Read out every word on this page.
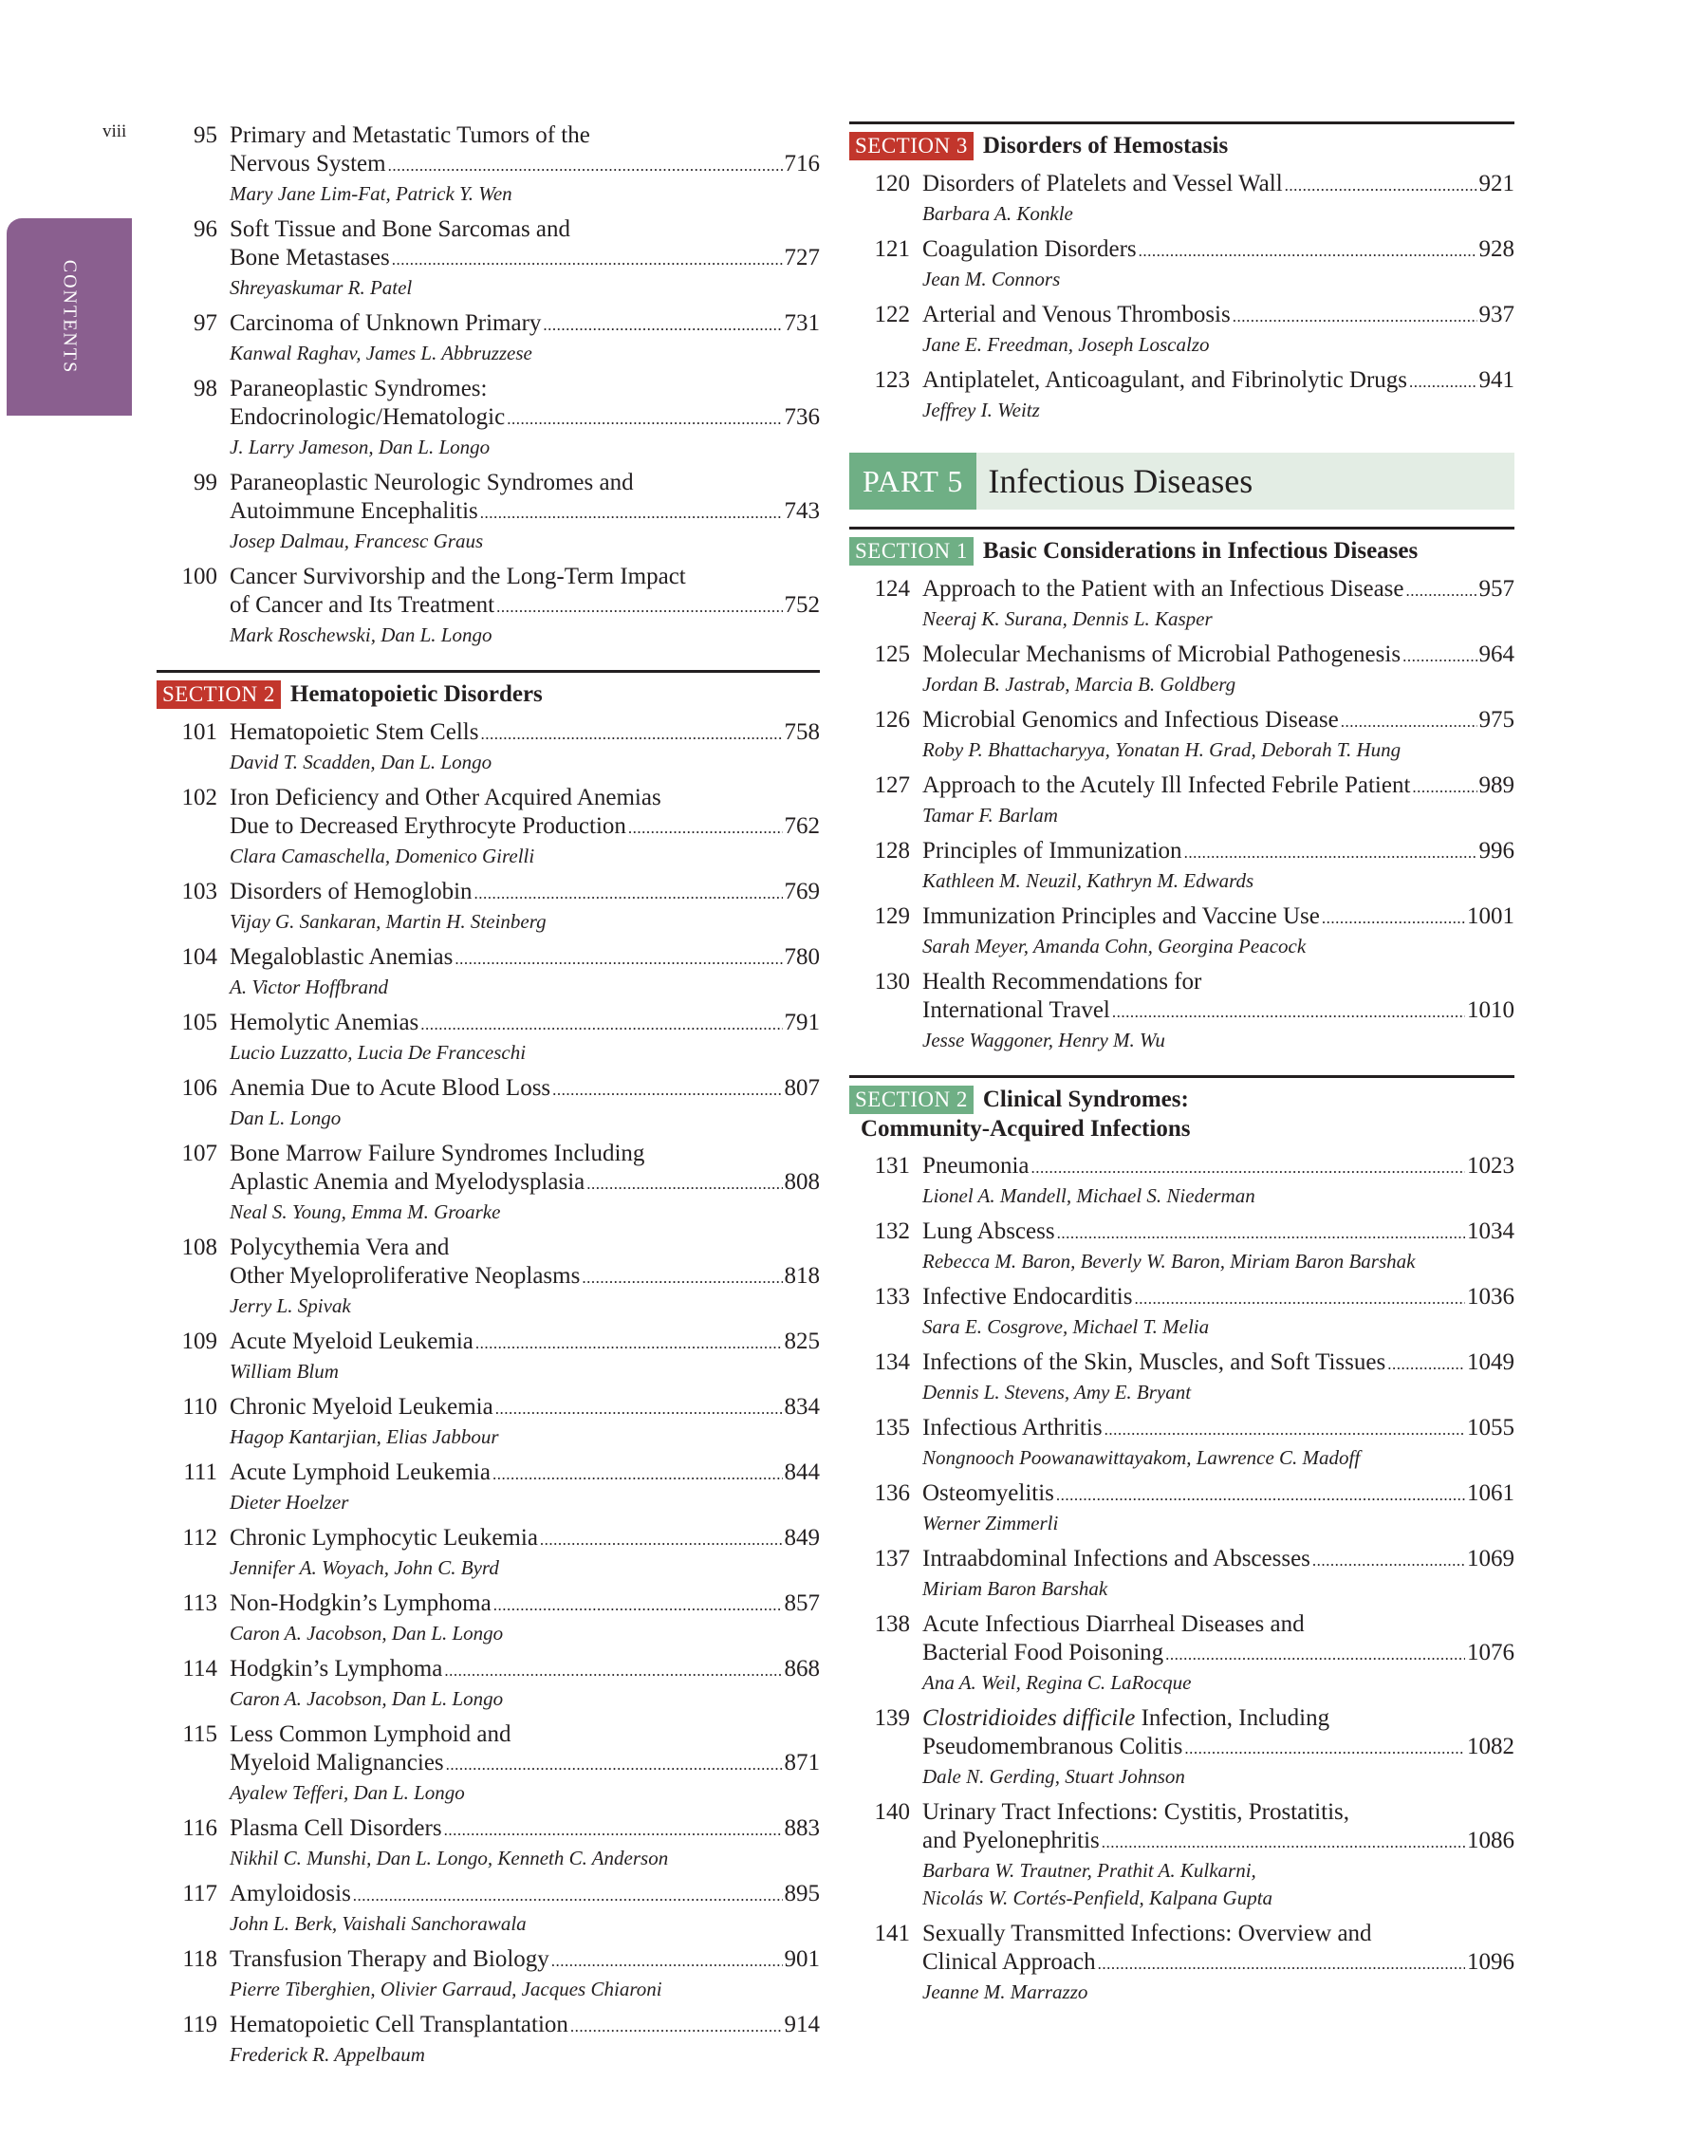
viii
CONTENTS
95 Primary and Metastatic Tumors of the
Nervous System .....	716
Mary Jane Lim-Fat, Patrick Y. Wen
96 Soft Tissue and Bone Sarcomas and
Bone Metastases .....	727
Shreyaskumar R. Patel
97 Carcinoma of Unknown Primary .....	731
Kanwal Raghav, James L. Abbruzzese
98 Paraneoplastic Syndromes:
Endocrinologic/Hematologic .....	736
J. Larry Jameson, Dan L. Longo
99 Paraneoplastic Neurologic Syndromes and
Autoimmune Encephalitis .....	743
Josep Dalmau, Francesc Graus
100 Cancer Survivorship and the Long-Term Impact
of Cancer and Its Treatment .....	752
Mark Roschewski, Dan L. Longo
SECTION 2 Hematopoietic Disorders
101 Hematopoietic Stem Cells .....	758
David T. Scadden, Dan L. Longo
102 Iron Deficiency and Other Acquired Anemias
Due to Decreased Erythrocyte Production .....	762
Clara Camaschella, Domenico Girelli
103 Disorders of Hemoglobin .....	769
Vijay G. Sankaran, Martin H. Steinberg
104 Megaloblastic Anemias .....	780
A. Victor Hoffbrand
105 Hemolytic Anemias .....	791
Lucio Luzzatto, Lucia De Franceschi
106 Anemia Due to Acute Blood Loss .....	807
Dan L. Longo
107 Bone Marrow Failure Syndromes Including
Aplastic Anemia and Myelodysplasia .....	808
Neal S. Young, Emma M. Groarke
108 Polycythemia Vera and
Other Myeloproliferative Neoplasms .....	818
Jerry L. Spivak
109 Acute Myeloid Leukemia .....	825
William Blum
110 Chronic Myeloid Leukemia .....	834
Hagop Kantarjian, Elias Jabbour
111 Acute Lymphoid Leukemia .....	844
Dieter Hoelzer
112 Chronic Lymphocytic Leukemia .....	849
Jennifer A. Woyach, John C. Byrd
113 Non-Hodgkin’s Lymphoma .....	857
Caron A. Jacobson, Dan L. Longo
114 Hodgkin’s Lymphoma .....	868
Caron A. Jacobson, Dan L. Longo
115 Less Common Lymphoid and
Myeloid Malignancies .....	871
Ayalew Tefferi, Dan L. Longo
116 Plasma Cell Disorders .....	883
Nikhil C. Munshi, Dan L. Longo, Kenneth C. Anderson
117 Amyloidosis .....	895
John L. Berk, Vaishali Sanchorawala
118 Transfusion Therapy and Biology .....	901
Pierre Tiberghien, Olivier Garraud, Jacques Chiaroni
119 Hematopoietic Cell Transplantation .....	914
Frederick R. Appelbaum
SECTION 3 Disorders of Hemostasis
120 Disorders of Platelets and Vessel Wall .....	921
Barbara A. Konkle
121 Coagulation Disorders .....	928
Jean M. Connors
122 Arterial and Venous Thrombosis .....	937
Jane E. Freedman, Joseph Loscalzo
123 Antiplatelet, Anticoagulant, and Fibrinolytic Drugs .....	941
Jeffrey I. Weitz
PART 5 Infectious Diseases
SECTION 1 Basic Considerations in Infectious Diseases
124 Approach to the Patient with an Infectious Disease .....	957
Neeraj K. Surana, Dennis L. Kasper
125 Molecular Mechanisms of Microbial Pathogenesis .....	964
Jordan B. Jastrab, Marcia B. Goldberg
126 Microbial Genomics and Infectious Disease .....	975
Roby P. Bhattacharyya, Yonatan H. Grad, Deborah T. Hung
127 Approach to the Acutely Ill Infected Febrile Patient .....	989
Tamar F. Barlam
128 Principles of Immunization .....	996
Kathleen M. Neuzil, Kathryn M. Edwards
129 Immunization Principles and Vaccine Use .....	1001
Sarah Meyer, Amanda Cohn, Georgina Peacock
130 Health Recommendations for
International Travel .....	1010
Jesse Waggoner, Henry M. Wu
SECTION 2 Clinical Syndromes:
Community-Acquired Infections
131 Pneumonia .....	1023
Lionel A. Mandell, Michael S. Niederman
132 Lung Abscess .....	1034
Rebecca M. Baron, Beverly W. Baron, Miriam Baron Barshak
133 Infective Endocarditis .....	1036
Sara E. Cosgrove, Michael T. Melia
134 Infections of the Skin, Muscles, and Soft Tissues .....	1049
Dennis L. Stevens, Amy E. Bryant
135 Infectious Arthritis .....	1055
Nongnooch Poowanawittayakom, Lawrence C. Madoff
136 Osteomyelitis .....	1061
Werner Zimmerli
137 Intraabdominal Infections and Abscesses .....	1069
Miriam Baron Barshak
138 Acute Infectious Diarrheal Diseases and
Bacterial Food Poisoning .....	1076
Ana A. Weil, Regina C. LaRocque
139 Clostridioides difficile Infection, Including
Pseudomembranous Colitis .....	1082
Dale N. Gerding, Stuart Johnson
140 Urinary Tract Infections: Cystitis, Prostatitis,
and Pyelonephritis .....	1086
Barbara W. Trautner, Prathit A. Kulkarni,
Nicolás W. Cortés-Penfield, Kalpana Gupta
141 Sexually Transmitted Infections: Overview and
Clinical Approach .....	1096
Jeanne M. Marrazzo
